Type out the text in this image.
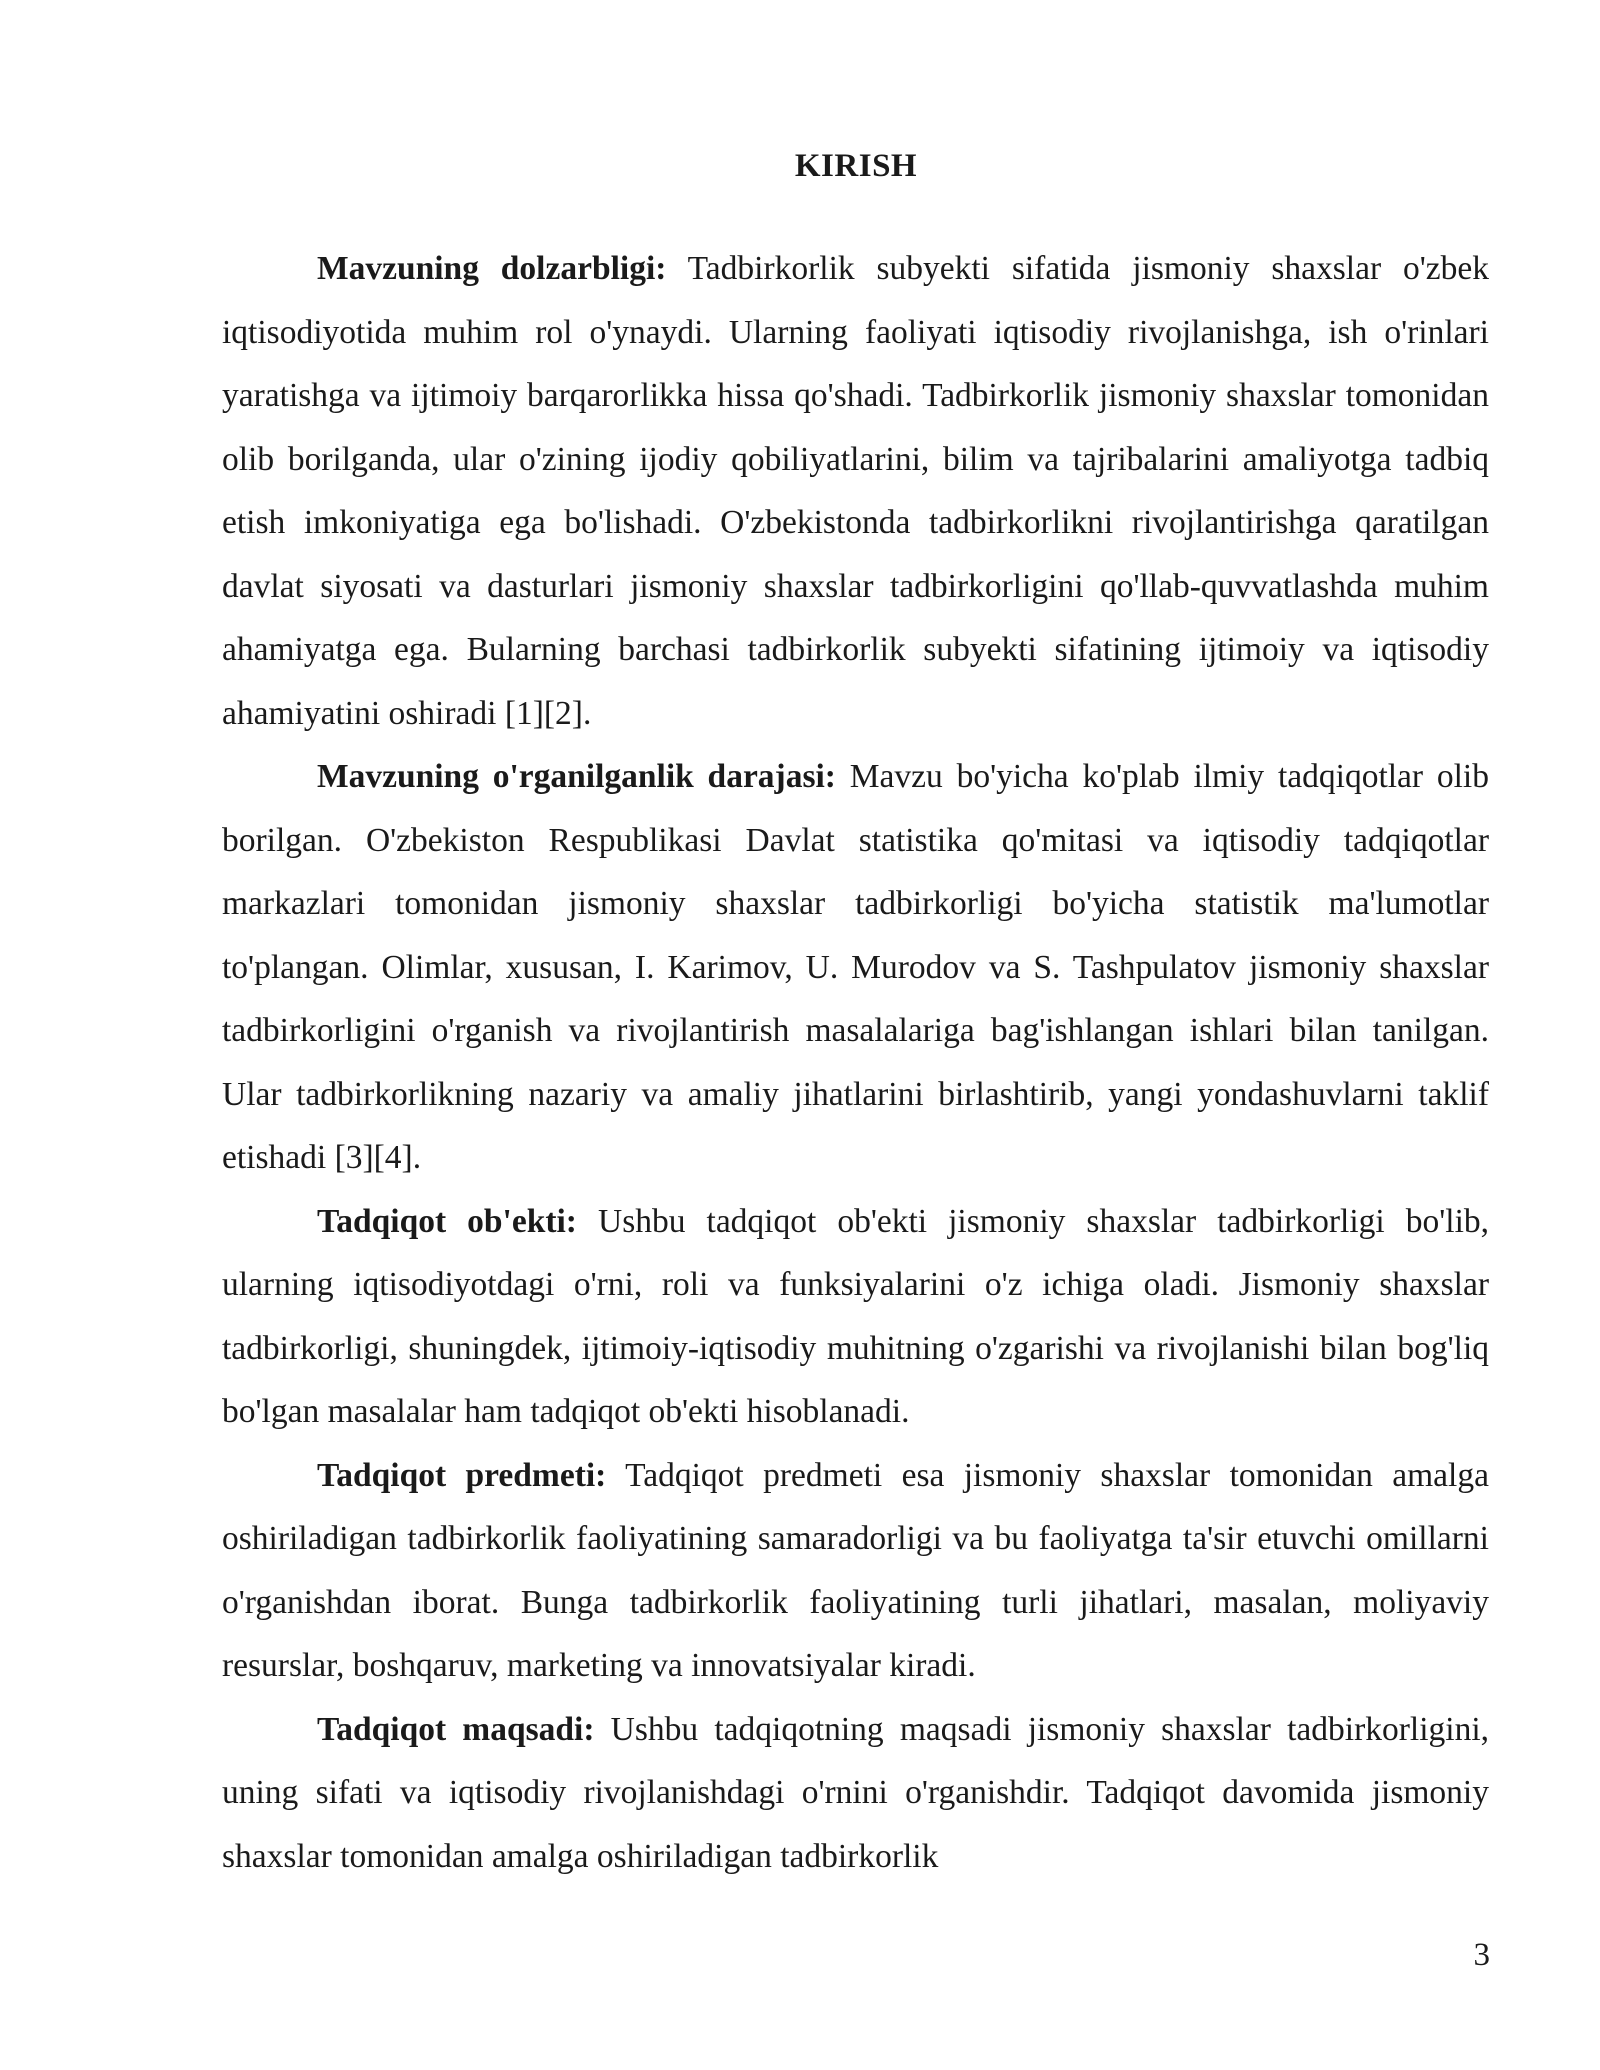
KIRISH

Mavzuning dolzarbligi: Tadbirkorlik subyekti sifatida jismoniy shaxslar o'zbek iqtisodiyotida muhim rol o'ynaydi. Ularning faoliyati iqtisodiy rivojlanishga, ish o'rinlari yaratishga va ijtimoiy barqarorlikka hissa qo'shadi. Tadbirkorlik jismoniy shaxslar tomonidan olib borilganda, ular o'zining ijodiy qobiliyatlarini, bilim va tajribalarini amaliyotga tadbiq etish imkoniyatiga ega bo'lishadi. O'zbekistonda tadbirkorlikni rivojlantirishga qaratilgan davlat siyosati va dasturlari jismoniy shaxslar tadbirkorligini qo'llab-quvvatlashda muhim ahamiyatga ega. Bularning barchasi tadbirkorlik subyekti sifatining ijtimoiy va iqtisodiy ahamiyatini oshiradi [1][2].

Mavzuning o'rganilganlik darajasi: Mavzu bo'yicha ko'plab ilmiy tadqiqotlar olib borilgan. O'zbekiston Respublikasi Davlat statistika qo'mitasi va iqtisodiy tadqiqotlar markazlari tomonidan jismoniy shaxslar tadbirkorligi bo'yicha statistik ma'lumotlar to'plangan. Olimlar, xususan, I. Karimov, U. Murodov va S. Tashpulatov jismoniy shaxslar tadbirkorligini o'rganish va rivojlantirish masalalariga bag'ishlangan ishlari bilan tanilgan. Ular tadbirkorlikning nazariy va amaliy jihatlarini birlashtirib, yangi yondashuvlarni taklif etishadi [3][4].

Tadqiqot ob'ekti: Ushbu tadqiqot ob'ekti jismoniy shaxslar tadbirkorligi bo'lib, ularning iqtisodiyotdagi o'rni, roli va funksiyalarini o'z ichiga oladi. Jismoniy shaxslar tadbirkorligi, shuningdek, ijtimoiy-iqtisodiy muhitning o'zgarishi va rivojlanishi bilan bog'liq bo'lgan masalalar ham tadqiqot ob'ekti hisoblanadi.

Tadqiqot predmeti: Tadqiqot predmeti esa jismoniy shaxslar tomonidan amalga oshiriladigan tadbirkorlik faoliyatining samaradorligi va bu faoliyatga ta'sir etuvchi omillarni o'rganishdan iborat. Bunga tadbirkorlik faoliyatining turli jihatlari, masalan, moliyaviy resurslar, boshqaruv, marketing va innovatsiyalar kiradi.

Tadqiqot maqsadi: Ushbu tadqiqotning maqsadi jismoniy shaxslar tadbirkorligini, uning sifati va iqtisodiy rivojlanishdagi o'rnini o'rganishdir. Tadqiqot davomida jismoniy shaxslar tomonidan amalga oshiriladigan tadbirkorlik

3
